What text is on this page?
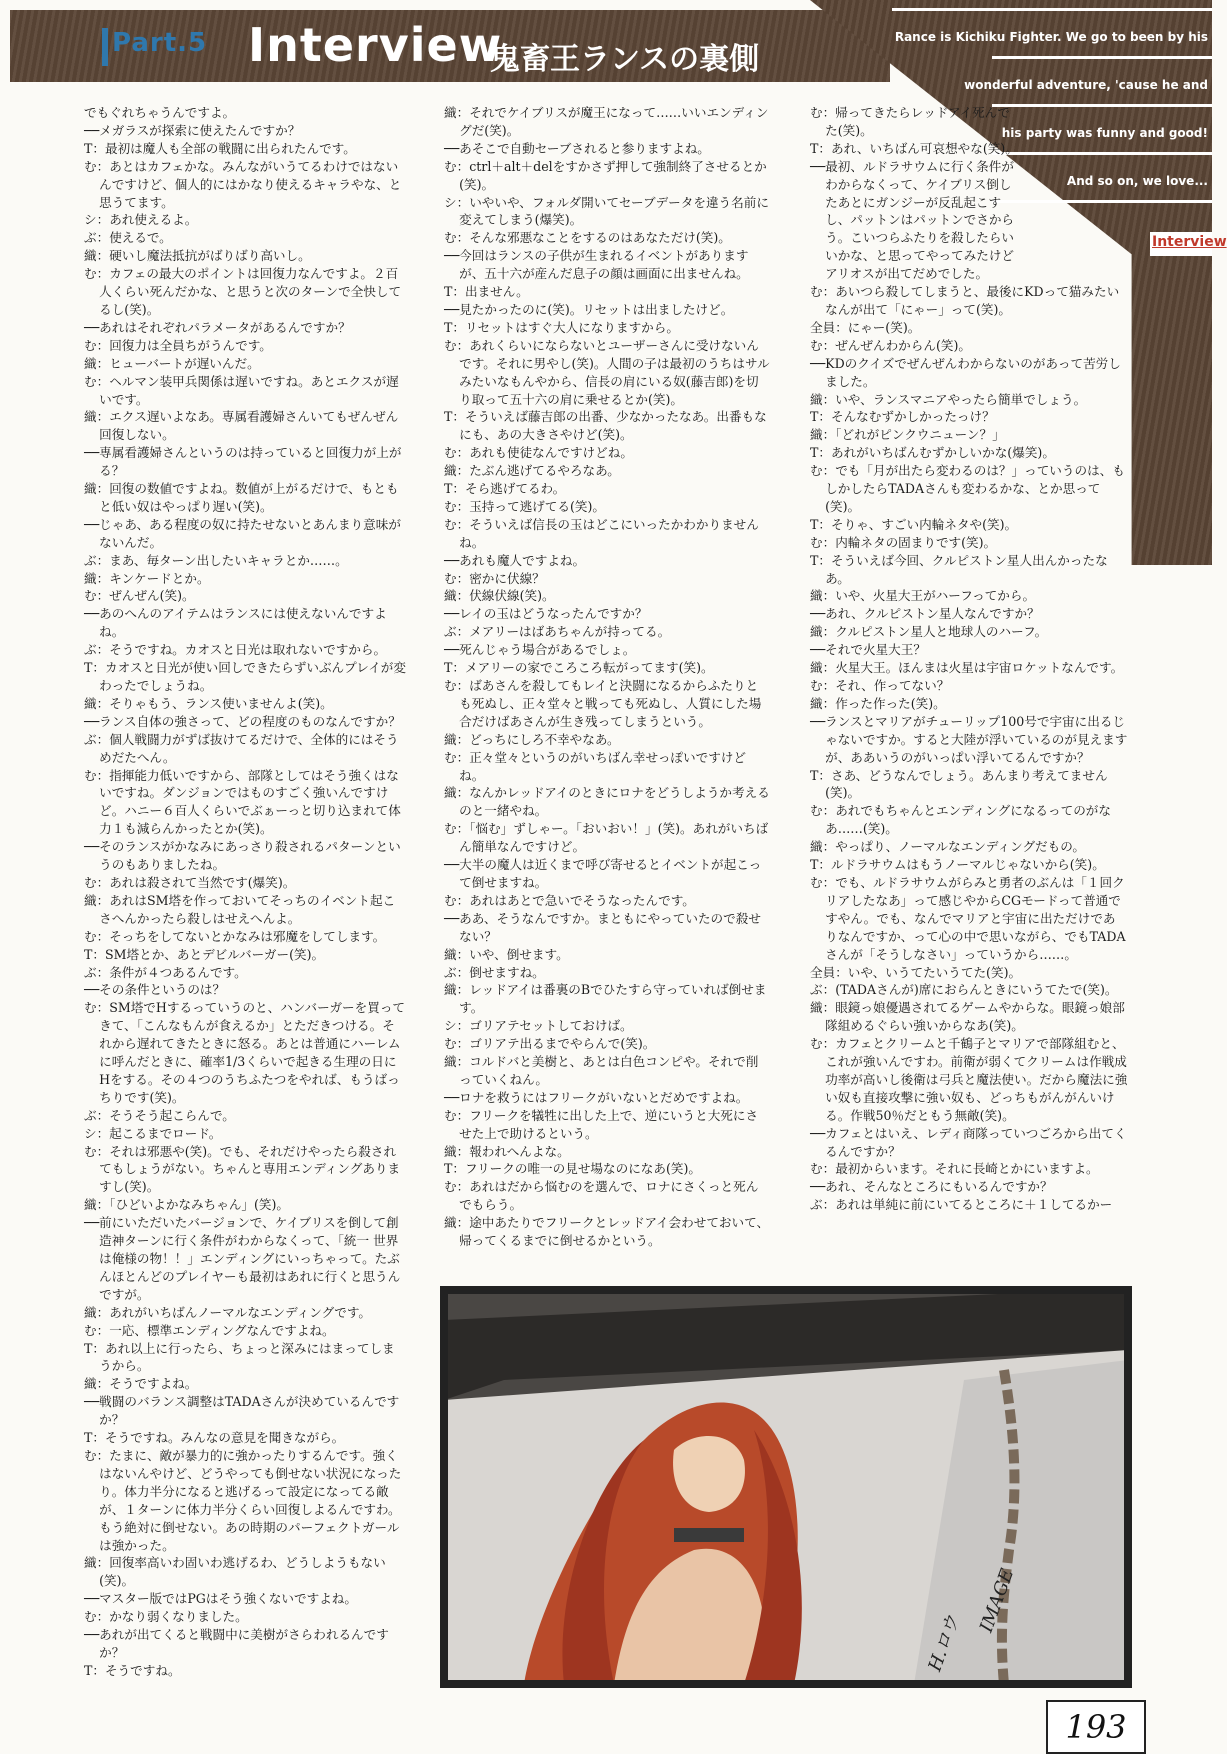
Part.5 Interview
鬼畜王ランスの裏側
Rance is Kichiku Fighter. We go to been by his
wonderful adventure, 'cause he and
his party was funny and good!
And so on, we love...
Interview

でもぐれちゃうんですよ。

──メガラスが探索に使えたんですか？

T：最初は魔人も全部の戦闘に出られたんです。

む：あとはカフェかな。みんながいうてるわけではないんですけど、個人的にはかなり使えるキャラやな、と思うてます。

シ：あれ使えるよ。

ぶ：使えるで。

織：硬いし魔法抵抗がばりばり高いし。

む：カフェの最大のポイントは回復力なんですよ。２百人くらい死んだかな、と思うと次のターンで全快してるし(笑)。

──あれはそれぞれパラメータがあるんですか？

む：回復力は全員ちがうんです。

織：ヒューバートが遅いんだ。

む：ヘルマン装甲兵関係は遅いですね。あとエクスが遅いです。

織：エクス遅いよなあ。専属看護婦さんいてもぜんぜん回復しない。

──専属看護婦さんというのは持っていると回復力が上がる？

織：回復の数値ですよね。数値が上がるだけで、もともと低い奴はやっぱり遅い(笑)。

──じゃあ、ある程度の奴に持たせないとあんまり意味がないんだ。

ぶ：まあ、毎ターン出したいキャラとか……。

織：キンケードとか。

む：ぜんぜん(笑)。

──あのへんのアイテムはランスには使えないんですよね。

ぶ：そうですね。カオスと日光は取れないですから。

T：カオスと日光が使い回しできたらずいぶんプレイが変わったでしょうね。

織：そりゃもう、ランス使いませんよ(笑)。

──ランス自体の強さって、どの程度のものなんですか？

ぶ：個人戦闘力がずば抜けてるだけで、全体的にはそうめだたへん。

む：指揮能力低いですから、部隊としてはそう強くはないですね。ダンジョンではものすごく強いんですけど。ハニー６百人くらいでぶぁーっと切り込まれて体力１も減らんかったとか(笑)。

──そのランスがかなみにあっさり殺されるパターンというのもありましたね。

む：あれは殺されて当然です(爆笑)。

織：あれはSM塔を作っておいてそっちのイベント起こさへんかったら殺しはせえへんよ。

む：そっちをしてないとかなみは邪魔をしてします。

T：SM塔とか、あとデビルバーガー(笑)。

ぶ：条件が４つあるんです。

──その条件というのは？

む：SM塔でHするっていうのと、ハンバーガーを買ってきて、「こんなもんが食えるか」とただきつける。それから遅れてきたときに怒る。あとは普通にハーレムに呼んだときに、確率1/3くらいで起きる生理の日にHをする。その４つのうちふたつをやれば、もうばっちりです(笑)。

ぶ：そうそう起こらんで。

シ：起こるまでロード。

む：それは邪悪や(笑)。でも、それだけやったら殺されてもしょうがない。ちゃんと専用エンディングありますし(笑)。

織：「ひどいよかなみちゃん」(笑)。

──前にいただいたバージョンで、ケイブリスを倒して創造神ターンに行く条件がわからなくって、「統一 世界は俺様の物！！」エンディングにいっちゃって。たぶんほとんどのプレイヤーも最初はあれに行くと思うんですが。

織：あれがいちばんノーマルなエンディングです。

む：一応、標準エンディングなんですよね。

T：あれ以上に行ったら、ちょっと深みにはまってしまうから。

織：そうですよね。

──戦闘のバランス調整はTADAさんが決めているんですか？

T：そうですね。みんなの意見を聞きながら。

む：たまに、敵が暴力的に強かったりするんです。強くはないんやけど、どうやっても倒せない状況になったり。体力半分になると逃げるって設定になってる敵が、１ターンに体力半分くらい回復しよるんですわ。もう絶対に倒せない。あの時期のパーフェクトガールは強かった。

織：回復率高いわ固いわ逃げるわ、どうしようもない(笑)。

──マスター版ではPGはそう強くないですよね。

む：かなり弱くなりました。

──あれが出てくると戦闘中に美樹がさらわれるんですか？

T：そうですね。

織：それでケイブリスが魔王になって……いいエンディングだ(笑)。

──あそこで自動セーブされると参りますよね。

む：ctrl＋alt＋delをすかさず押して強制終了させるとか(笑)。

シ：いやいや、フォルダ開いてセーブデータを違う名前に変えてしまう(爆笑)。

む：そんな邪悪なことをするのはあなただけ(笑)。

──今回はランスの子供が生まれるイベントがありますが、五十六が産んだ息子の顔は画面に出ませんね。

T：出ません。

──見たかったのに(笑)。リセットは出ましたけど。

T：リセットはすぐ大人になりますから。

む：あれくらいにならないとユーザーさんに受けないんです。それに男やし(笑)。人間の子は最初のうちはサルみたいなもんやから、信長の肩にいる奴(藤吉郎)を切り取って五十六の肩に乗せるとか(笑)。

T：そういえば藤吉郎の出番、少なかったなあ。出番もなにも、あの大きさやけど(笑)。

む：あれも使徒なんですけどね。

織：たぶん逃げてるやろなあ。

T：そら逃げてるわ。

む：玉持って逃げてる(笑)。

む：そういえば信長の玉はどこにいったかわかりませんね。

──あれも魔人ですよね。

む：密かに伏線？

織：伏線伏線(笑)。

──レイの玉はどうなったんですか？

ぶ：メアリーはばあちゃんが持ってる。

──死んじゃう場合があるでしょ。

T：メアリーの家でころころ転がってます(笑)。

む：ばあさんを殺してもレイと決闘になるからふたりとも死ぬし、正々堂々と戦っても死ぬし、人質にした場合だけばあさんが生き残ってしまうという。

織：どっちにしろ不幸やなあ。

む：正々堂々というのがいちばん幸せっぽいですけどね。

織：なんかレッドアイのときにロナをどうしようか考えるのと一緒やね。

む：「悩む」ずしゃー。「おいおい！」(笑)。あれがいちばん簡単なんですけど。

──大半の魔人は近くまで呼び寄せるとイベントが起こって倒せますね。

む：あれはあとで急いでそうなったんです。

──ああ、そうなんですか。まともにやっていたので殺せない？

織：いや、倒せます。

ぶ：倒せますね。

織：レッドアイは番裏のBでひたすら守っていれば倒せます。

シ：ゴリアテセットしておけば。

む：ゴリアテ出るまでやらんで(笑)。

織：コルドバと美樹と、あとは白色コンピや。それで削っていくねん。

──ロナを救うにはフリークがいないとだめですよね。

む：フリークを犠牲に出した上で、逆にいうと大死にさせた上で助けるという。

織：報われへんよな。

T：フリークの唯一の見せ場なのになあ(笑)。

む：あれはだから悩むのを選んで、ロナにさくっと死んでもらう。

織：途中あたりでフリークとレッドアイ会わせておいて、帰ってくるまでに倒せるかという。

む：帰ってきたらレッドアイ死んでた(笑)。

T：あれ、いちばん可哀想やな(笑)。

──最初、ルドラサウムに行く条件がわからなくって、ケイブリス倒したあとにガンジーが反乱起こすし、パットンはパットンでさからう。こいつらふたりを殺したらいいかな、と思ってやってみたけどアリオスが出てだめでした。

む：あいつら殺してしまうと、最後にKDって猫みたいなんが出て「にゃー」って(笑)。

全員：にゃー(笑)。

む：ぜんぜんわからん(笑)。

──KDのクイズでぜんぜんわからないのがあって苦労しました。

織：いや、ランスマニアやったら簡単でしょう。

T：そんなむずかしかったっけ？

織：「どれがピンクウニューン？」

T：あれがいちばんむずかしいかな(爆笑)。

む：でも「月が出たら変わるのは？」っていうのは、もしかしたらTADAさんも変わるかな、とか思って(笑)。

T：そりゃ、すごい内輪ネタや(笑)。

む：内輪ネタの固まりです(笑)。

T：そういえば今回、クルピストン星人出んかったなあ。

織：いや、火星大王がハーフってから。

──あれ、クルピストン星人なんですか？

織：クルピストン星人と地球人のハーフ。

──それで火星大王？

織：火星大王。ほんまは火星は宇宙ロケットなんです。

む：それ、作ってない？

織：作った作った(笑)。

──ランスとマリアがチューリップ100号で宇宙に出るじゃないですか。すると大陸が浮いているのが見えますが、ああいうのがいっぱい浮いてるんですか？

T：さあ、どうなんでしょう。あんまり考えてません(笑)。

む：あれでもちゃんとエンディングになるってのがなあ……(笑)。

織：やっぱり、ノーマルなエンディングだもの。

T：ルドラサウムはもうノーマルじゃないから(笑)。

む：でも、ルドラサウムがらみと勇者のぶんは「１回クリアしたなあ」って感じやからCGモードって普通ですやん。でも、なんでマリアと宇宙に出ただけでありなんですか、って心の中で思いながら、でもTADAさんが「そうしなさい」っていうから……。

全員：いや、いうてたいうてた(笑)。

ぶ：(TADAさんが)席におらんときにいうてたで(笑)。

織：眼鏡っ娘優遇されてるゲームやからな。眼鏡っ娘部隊組めるぐらい強いからなあ(笑)。

む：カフェとクリームと千鶴子とマリアで部隊組むと、これが強いんですわ。前衛が弱くてクリームは作戦成功率が高いし後衛は弓兵と魔法使い。だから魔法に強い奴も直接攻撃に強い奴も、どっちもがんがんいける。作戦50％だともう無敵(笑)。

──カフェとはいえ、レディ商隊っていつごろから出てくるんですか？

む：最初からいます。それに長崎とかにいますよ。

──あれ、そんなところにもいるんですか？

ぶ：あれは単純に前にいてるところに＋１してるかー

IMAGE
H.ロウ
193
